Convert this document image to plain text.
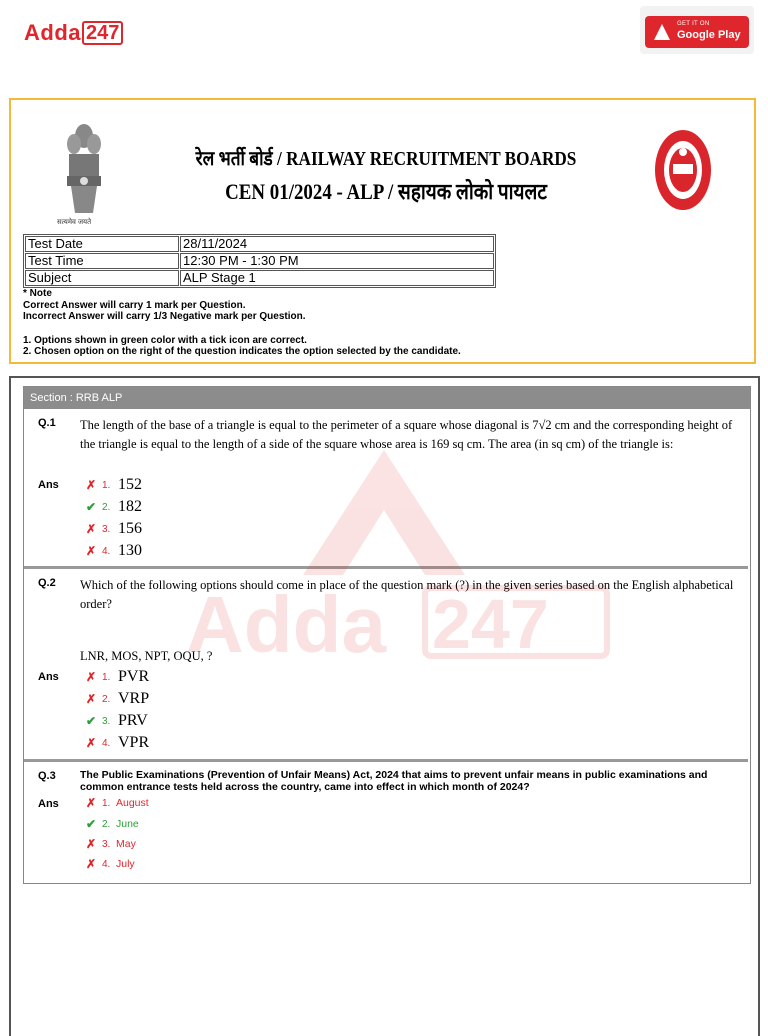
Adda 247	GET IT ON
Google Play
सत्यमेव जयते
रेल भर्ती बोर्ड / RAILWAY RECRUITMENT BOARDS
CEN 01/2024 - ALP / सहायक लोको पायलट
Test Date	28/11/2024
Test Time	12:30 PM - 1:30 PM
Subject	ALP Stage 1

* Note

Correct Answer will carry 1 mark per Question.

Incorrect Answer will carry 1/3 Negative mark per Question.

1. Options shown in green color with a tick icon are correct.

2. Chosen option on the right of the question indicates the option selected by the candidate.

Section : RRB ALP
Q.1 The length of the base of a triangle is equal to the perimeter of a square whose diagonal is 7√2 cm and the corresponding height of the triangle is equal to the length of a side of the square whose area is 169 sq cm. The area (in sq cm) of the triangle is:
Ans ✗ 1. 152
✔ 2. 182
✗ 3. 156
✗ 4. 130
Q.2 Which of the following options should come in place of the question mark (?) in the given series based on the English alphabetical order?
LNR, MOS, NPT, OQU, ?
Ans ✗ 1. PVR
✗ 2. VRP
✔ 3. PRV
✗ 4. VPR
Q.3 The Public Examinations (Prevention of Unfair Means) Act, 2024 that aims to prevent unfair means in public examinations and common entrance tests held across the country, came into effect in which month of 2024?
Ans ✗ 1. August
✔ 2. June
✗ 3. May
✗ 4. July
